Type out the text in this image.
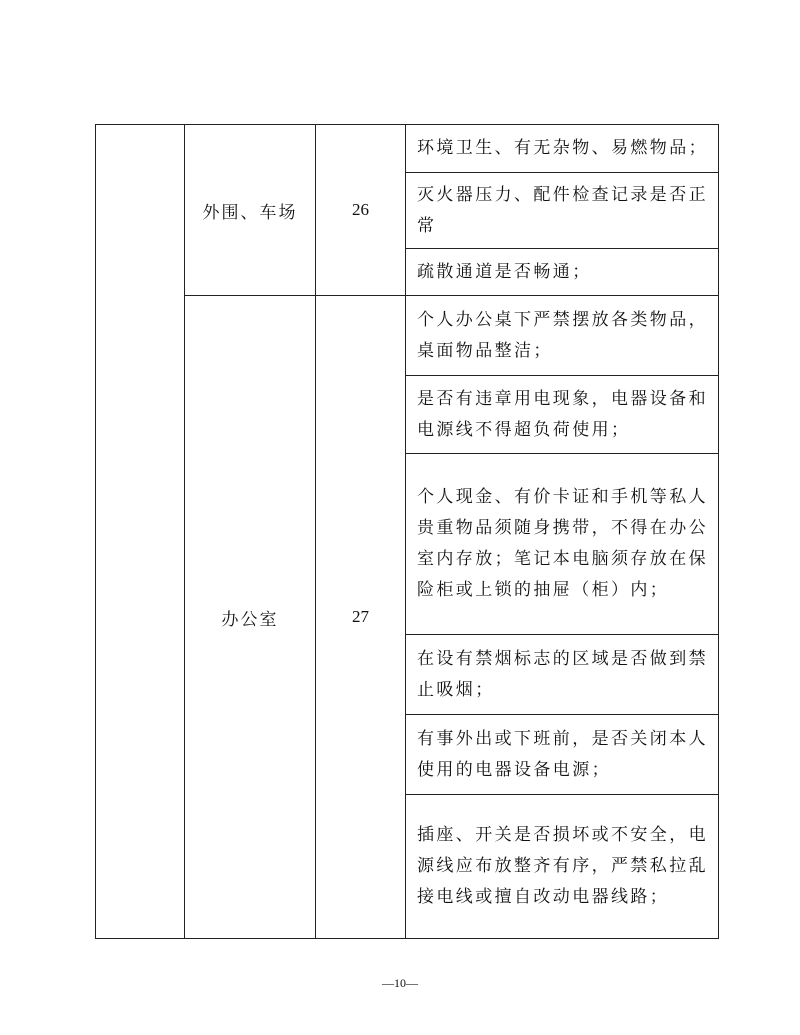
	外围、车场	26	环境卫生、有无杂物、易燃物品；
			灭火器压力、配件检查记录是否正常
			疏散通道是否畅通；
	办公室	27	个人办公桌下严禁摆放各类物品，桌面物品整洁；
			是否有违章用电现象，电器设备和电源线不得超负荷使用；
			个人现金、有价卡证和手机等私人贵重物品须随身携带，不得在办公室内存放；笔记本电脑须存放在保险柜或上锁的抽屉（柜）内；
			在设有禁烟标志的区域是否做到禁止吸烟；
			有事外出或下班前，是否关闭本人使用的电器设备电源；
			插座、开关是否损坏或不安全，电源线应布放整齐有序，严禁私拉乱接电线或擅自改动电器线路；
—10—
